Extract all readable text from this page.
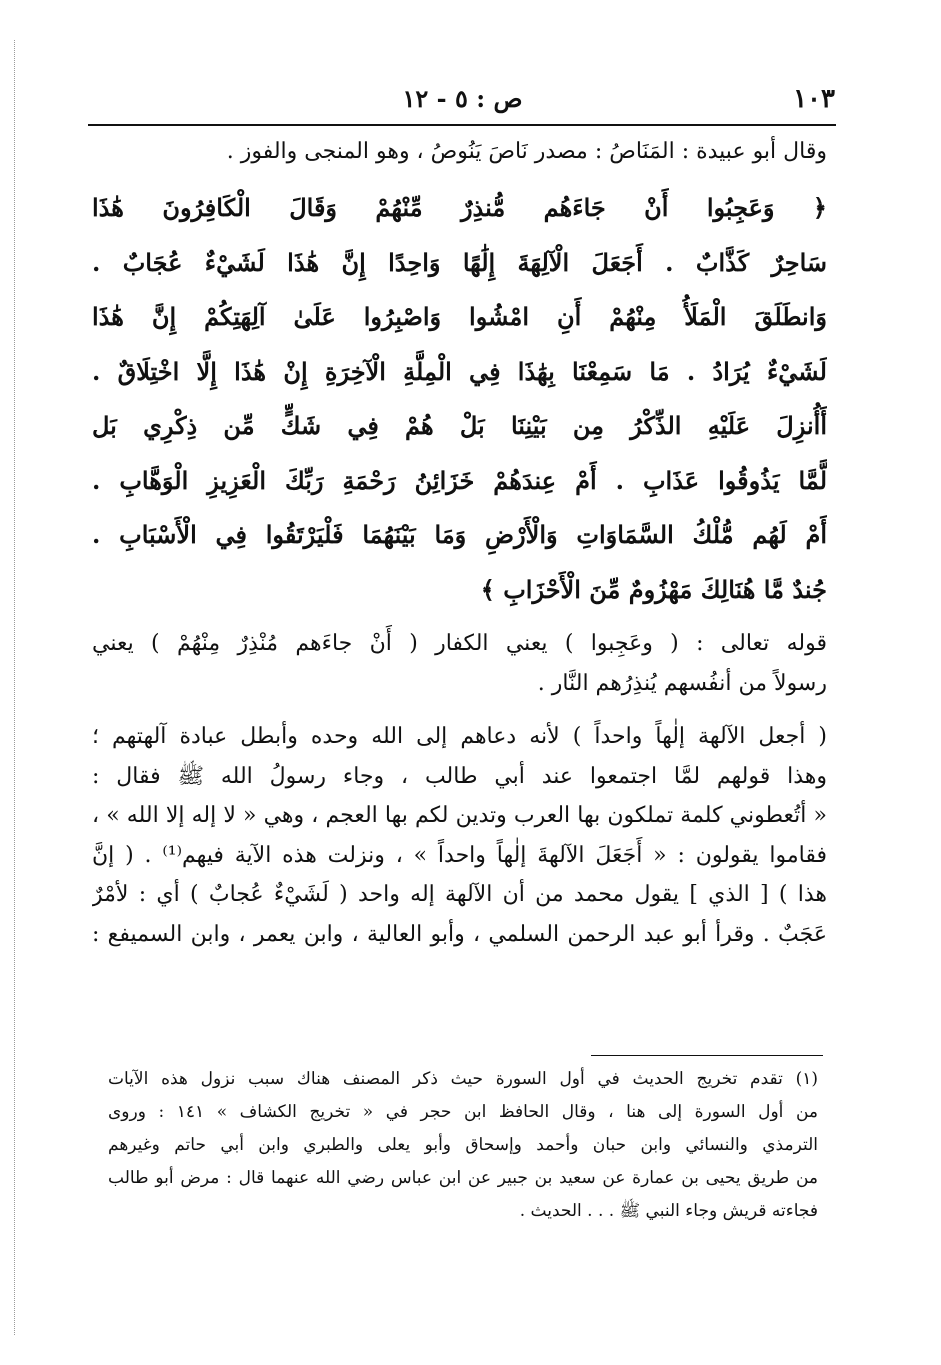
١٠٣
ص : ٥ - ١٢
وقال أبو عبيدة : المَنَاصُ : مصدر نَاصَ يَنُوصُ ، وهو المنجى والفوز .
﴿ وَعَجِبُوا أَنْ جَاءَهُم مُّنذِرٌ مِّنْهُمْ وَقَالَ الْكَافِرُونَ هَٰذَا
سَاحِرٌ كَذَّابٌ . أَجَعَلَ الْآلِهَةَ إِلَٰهًا وَاحِدًا إِنَّ هَٰذَا لَشَيْءٌ عُجَابٌ .
وَانطَلَقَ الْمَلَأُ مِنْهُمْ أَنِ امْشُوا وَاصْبِرُوا عَلَىٰ آلِهَتِكُمْ إِنَّ هَٰذَا
لَشَيْءٌ يُرَادُ . مَا سَمِعْنَا بِهَٰذَا فِي الْمِلَّةِ الْآخِرَةِ إِنْ هَٰذَا إِلَّا اخْتِلَاقٌ .
أَأُنزِلَ عَلَيْهِ الذِّكْرُ مِن بَيْنِنَا بَلْ هُمْ فِي شَكٍّ مِّن ذِكْرِي بَل
لَّمَّا يَذُوقُوا عَذَابِ . أَمْ عِندَهُمْ خَزَائِنُ رَحْمَةِ رَبِّكَ الْعَزِيزِ الْوَهَّابِ .
أَمْ لَهُم مُّلْكُ السَّمَاوَاتِ وَالْأَرْضِ وَمَا بَيْنَهُمَا فَلْيَرْتَقُوا فِي الْأَسْبَابِ .
جُندٌ مَّا هُنَالِكَ مَهْزُومٌ مِّنَ الْأَحْزَابِ ﴾
قوله تعالى : ( وعَجِبوا ) يعني الكفار ( أَنْ جاءَهم مُنْذِرٌ مِنْهُمْ ) يعني
رسولاً من أنفُسهم يُنذِرُهم النَّار .
( أجعل الآلهة إلٰهاً واحداً ) لأنه دعاهم إلى الله وحده وأبطل عبادة آلهتهم ؛
وهذا قولهم لمَّا اجتمعوا عند أبي طالب ، وجاء رسولُ الله ﷺ فقال :
« أتُعطوني كلمة تملكون بها العرب وتدين لكم بها العجم ، وهي « لا إله إلا الله » ،
فقاموا يقولون : « أَجَعَلَ الآلهةَ إلٰهاً واحداً » ، ونزلت هذه الآية فيهم⁽¹⁾ . ( إنَّ
هذا ) [ الذي ] يقول محمد من أن الآلهة إله واحد ( لَشَيْءٌ عُجابٌ ) أي : لأمْرٌ
عَجَبٌ . وقرأ أبو عبد الرحمن السلمي ، وأبو العالية ، وابن يعمر ، وابن السميفع :
(١) تقدم تخريج الحديث في أول السورة حيث ذكر المصنف هناك سبب نزول هذه الآيات
من أول السورة إلى هنا ، وقال الحافظ ابن حجر في « تخريج الكشاف » ١٤١ : وروى
الترمذي والنسائي وابن حبان وأحمد وإسحاق وأبو يعلى والطبري وابن أبي حاتم وغيرهم
من طريق يحيى بن عمارة عن سعيد بن جبير عن ابن عباس رضي الله عنهما قال : مرض أبو طالب
فجاءته قريش وجاء النبي ﷺ . . . الحديث .
